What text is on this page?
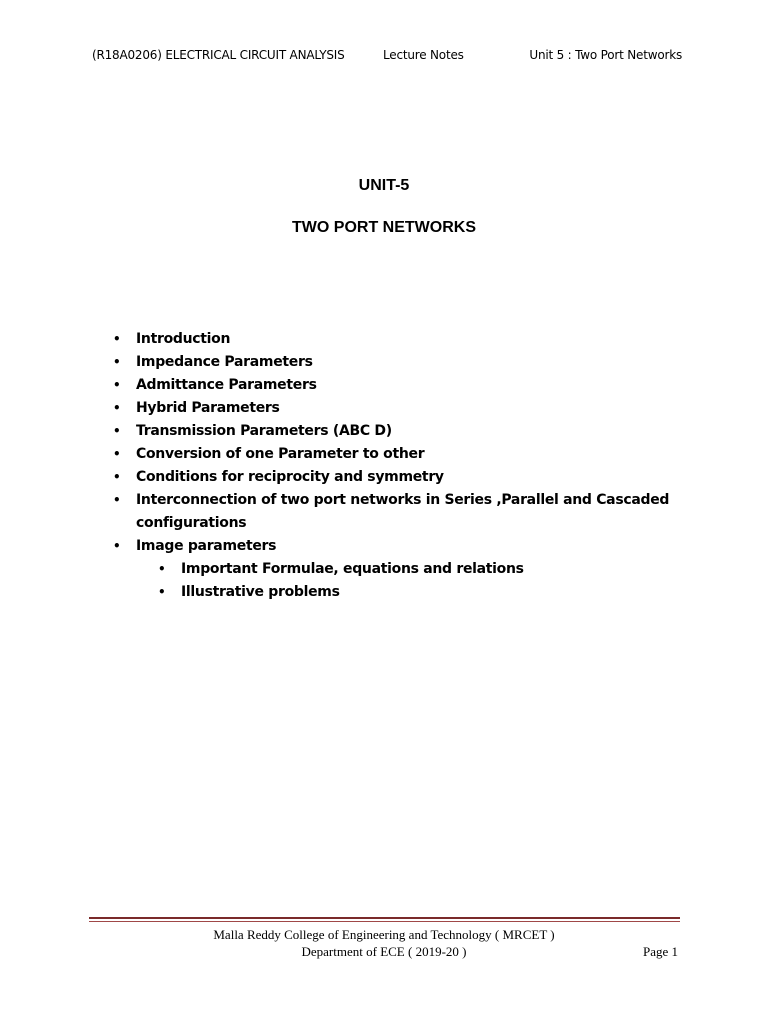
(R18A0206) ELECTRICAL CIRCUIT ANALYSIS	Lecture Notes	Unit 5 : Two Port Networks
UNIT-5
TWO PORT NETWORKS
• Introduction
• Impedance Parameters
• Admittance Parameters
• Hybrid Parameters
• Transmission Parameters (ABC D)
• Conversion of one Parameter to other
• Conditions for reciprocity and symmetry
• Interconnection of two port networks in Series ,Parallel and Cascaded configurations
• Image parameters
• Important Formulae, equations and relations
• Illustrative problems
Malla Reddy College of Engineering and Technology ( MRCET )
Department of ECE ( 2019-20 )	Page 1
